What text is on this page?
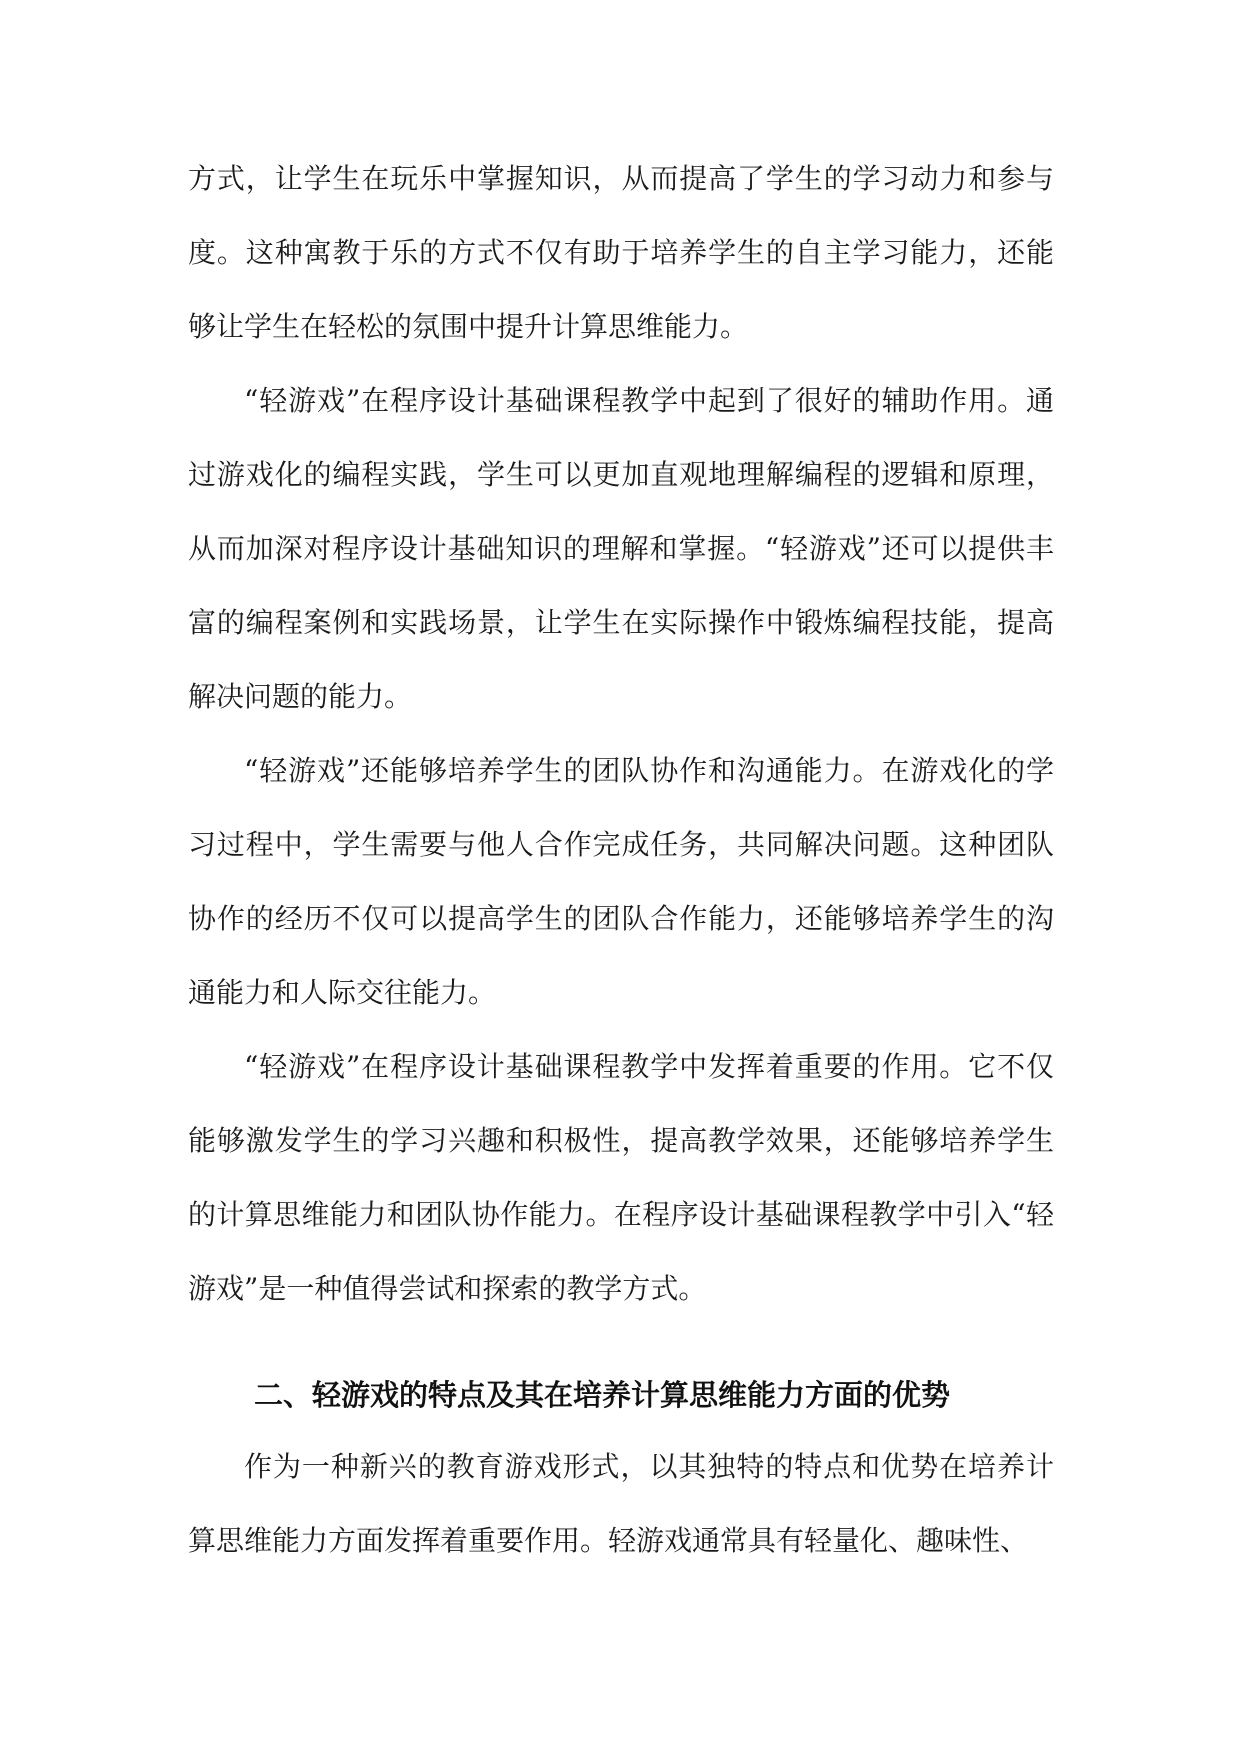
方式，让学生在玩乐中掌握知识，从而提高了学生的学习动力和参与度。这种寓教于乐的方式不仅有助于培养学生的自主学习能力，还能够让学生在轻松的氛围中提升计算思维能力。

“轻游戏”在程序设计基础课程教学中起到了很好的辅助作用。通过游戏化的编程实践，学生可以更加直观地理解编程的逻辑和原理，从而加深对程序设计基础知识的理解和掌握。“轻游戏”还可以提供丰富的编程案例和实践场景，让学生在实际操作中锻炼编程技能，提高解决问题的能力。

“轻游戏”还能够培养学生的团队协作和沟通能力。在游戏化的学习过程中，学生需要与他人合作完成任务，共同解决问题。这种团队协作的经历不仅可以提高学生的团队合作能力，还能够培养学生的沟通能力和人际交往能力。

“轻游戏”在程序设计基础课程教学中发挥着重要的作用。它不仅能够激发学生的学习兴趣和积极性，提高教学效果，还能够培养学生的计算思维能力和团队协作能力。在程序设计基础课程教学中引入“轻游戏”是一种值得尝试和探索的教学方式。

二、轻游戏的特点及其在培养计算思维能力方面的优势

作为一种新兴的教育游戏形式，以其独特的特点和优势在培养计算思维能力方面发挥着重要作用。轻游戏通常具有轻量化、趣味性、
